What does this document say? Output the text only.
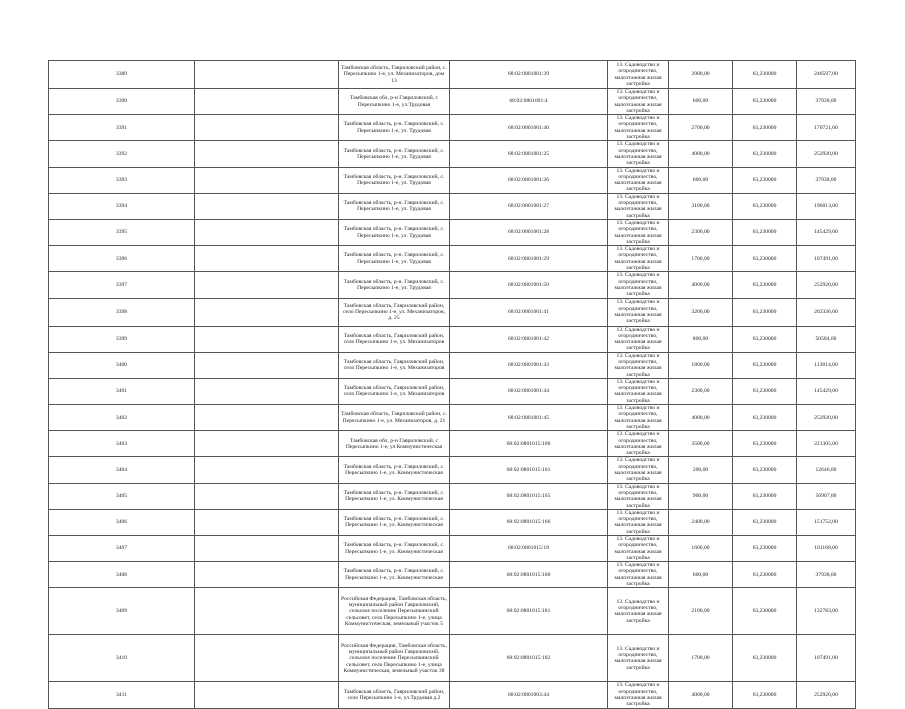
3389		Тамбовская область, Гавриловский район, с. Пересыпкино 1-е, ул. Механизаторов, дом 13	68:02:0801001:39	13. Садоводство и огородничество, малоэтажная жилая застройка	3900,00	63,230000	246597,00
3390		Тамбовская обл, р-н Гавриловский, с Пересыпкино 1-е, ул.Трудовая	68:02:0801001:4	13. Садоводство и огородничество, малоэтажная жилая застройка	600,00	63,230000	37938,00
3391		Тамбовская область, р-н. Гавриловский, с. Пересыпкино 1-е, ул. Трудовая	68:02:0801001:40	13. Садоводство и огородничество, малоэтажная жилая застройка	2700,00	63,230000	170721,00
3392		Тамбовская область, р-н. Гавриловский, с. Пересыпкино 1-е, ул. Трудовая	68:02:0801001:25	13. Садоводство и огородничество, малоэтажная жилая застройка	4000,00	63,230000	252920,00
3393		Тамбовская область, р-н. Гавриловский, с. Пересыпкино 1-е, ул. Трудовая	68:02:0801001:26	13. Садоводство и огородничество, малоэтажная жилая застройка	600,00	63,230000	37938,00
3394		Тамбовская область, р-н. Гавриловский, с. Пересыпкино 1-е, ул. Трудовая	68:02:0801001:27	13. Садоводство и огородничество, малоэтажная жилая застройка	3100,00	63,230000	196013,00
3395		Тамбовская область, р-н. Гавриловский, с. Пересыпкино 1-е, ул. Трудовая	68:02:0801001:28	13. Садоводство и огородничество, малоэтажная жилая застройка	2300,00	63,230000	145429,00
3396		Тамбовская область, р-н. Гавриловский, с. Пересыпкино 1-е, ул. Трудовая	68:02:0801001:29	13. Садоводство и огородничество, малоэтажная жилая застройка	1700,00	63,230000	107491,00
3397		Тамбовская область, р-н. Гавриловский, с. Пересыпкино 1-е, ул. Трудовая	68:02:0801001:50	13. Садоводство и огородничество, малоэтажная жилая застройка	4000,00	63,230000	252920,00
3398		Тамбовская область, Гавриловский район, село Пересыпкино 1-е, ул. Механизаторов, д. 25	68:02:0801001:41	13. Садоводство и огородничество, малоэтажная жилая застройка	3200,00	63,230000	202336,00
3399		Тамбовская область, Гавриловский район, село Пересыпкино 1-е, ул. Механизаторов	68:02:0801001:42	13. Садоводство и огородничество, малоэтажная жилая застройка	800,00	63,230000	50584,00
3400		Тамбовская область, Гавриловский район, село Пересыпкино 1-е, ул. Механизаторов	68:02:0801001:43	13. Садоводство и огородничество, малоэтажная жилая застройка	1800,00	63,230000	113814,00
3401		Тамбовская область, Гавриловский район, село Пересыпкино 1-е, ул. Механизаторов	68:02:0801001:44	13. Садоводство и огородничество, малоэтажная жилая застройка	2300,00	63,230000	145429,00
3402		Тамбовская область, Гавриловский район, с. Пересыпкино 1-е, ул. Механизаторов, д. 21	68:02:0801001:45	13. Садоводство и огородничество, малоэтажная жилая застройка	4000,00	63,230000	252920,00
3403		Тамбовская обл, р-н Гавриловский, с Пересыпкино 1-е, ул Коммунистическая	68:02:0801015:100	13. Садоводство и огородничество, малоэтажная жилая застройка	3500,00	63,230000	221305,00
3404		Тамбовская область, р-н. Гавриловский, с. Пересыпкино 1-е, ул. Коммунистическая	68:02:0801015:101	13. Садоводство и огородничество, малоэтажная жилая застройка	200,00	63,230000	12646,00
3405		Тамбовская область, р-н. Гавриловский, с. Пересыпкино 1-е, ул. Коммунистическая	68:02:0801015:165	13. Садоводство и огородничество, малоэтажная жилая застройка	900,00	63,230000	56907,00
3406		Тамбовская область, р-н. Гавриловский, с. Пересыпкино 1-е, ул. Коммунистическая	68:02:0801015:166	13. Садоводство и огородничество, малоэтажная жилая застройка	2400,00	63,230000	151752,00
3407		Тамбовская область, р-н. Гавриловский, с. Пересыпкино 1-е, ул. Коммунистическая	68:02:0801015:18	13. Садоводство и огородничество, малоэтажная жилая застройка	1600,00	63,230000	101168,00
3408		Тамбовская область, р-н. Гавриловский, с. Пересыпкино 1-е, ул. Коммунистическая	68:02:0801015:180	13. Садоводство и огородничество, малоэтажная жилая застройка	600,00	63,230000	37938,00
3409		Российская Федерация, Тамбовская область, муниципальный район Гавриловский, сельское поселение Пересыпкинский сельсовет, село Пересыпкино 1-е, улица Коммунистическая, земельный участок 5	68:02:0801015:181	13. Садоводство и огородничество, малоэтажная жилая застройка	2100,00	63,230000	132783,00
3410		Российская Федерация, Тамбовская область, муниципальный район Гавриловский, сельское поселение Пересыпкинский сельсовет, село Пересыпкино 1-е, улица Коммунистическая, земельный участок 38	68:02:0801015:182	13. Садоводство и огородничество, малоэтажная жилая застройка	1700,00	63,230000	107491,00
3411		Тамбовская область, Гавриловский район, село Пересыпкино 1-е, ул.Трудовая д.2	68:02:0801003:44	13. Садоводство и огородничество, малоэтажная жилая застройка	4000,00	63,230000	252920,00
